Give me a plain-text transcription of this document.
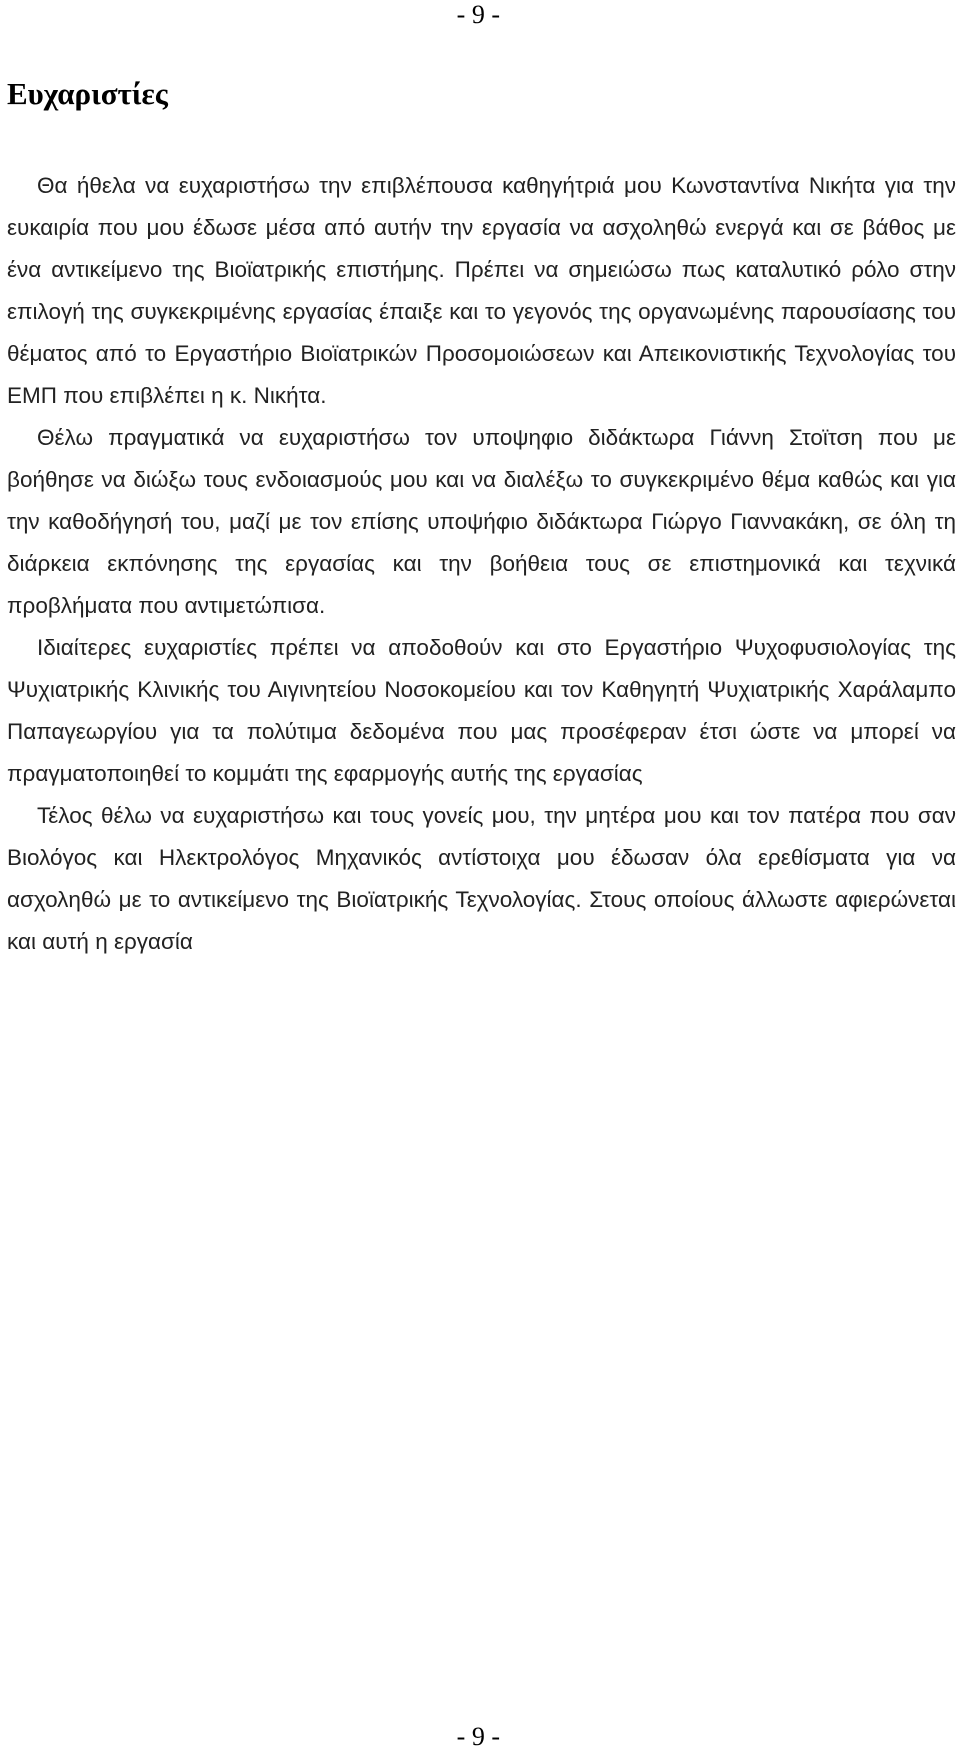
- 9 -
Ευχαριστίες

Θα ήθελα να ευχαριστήσω την επιβλέπουσα καθηγήτριά μου Κωνσταντίνα Νικήτα για την ευκαιρία που μου έδωσε μέσα από αυτήν την εργασία να ασχοληθώ ενεργά και σε βάθος με ένα αντικείμενο της Βιοϊατρικής επιστήμης. Πρέπει να σημειώσω πως καταλυτικό ρόλο στην επιλογή της συγκεκριμένης εργασίας έπαιξε και το γεγονός της οργανωμένης παρουσίασης του θέματος από το Εργαστήριο Βιοϊατρικών Προσομοιώσεων και Απεικονιστικής Τεχνολογίας του ΕΜΠ που επιβλέπει η κ. Νικήτα.

Θέλω πραγματικά να ευχαριστήσω τον υποψηφιο διδάκτωρα Γιάννη Στοϊτση που με βοήθησε να διώξω τους ενδοιασμούς μου και να διαλέξω το συγκεκριμένο θέμα καθώς και για την καθοδήγησή του, μαζί με τον επίσης υποψήφιο διδάκτωρα Γιώργο Γιαννακάκη, σε όλη τη διάρκεια εκπόνησης της εργασίας και την βοήθεια τους σε επιστημονικά και τεχνικά προβλήματα που αντιμετώπισα.

Ιδιαίτερες ευχαριστίες πρέπει να αποδοθούν και στο Εργαστήριο Ψυχοφυσιολογίας της Ψυχιατρικής Κλινικής του Αιγινητείου Νοσοκομείου και τον Καθηγητή Ψυχιατρικής Χαράλαμπο Παπαγεωργίου για τα πολύτιμα δεδομένα που μας προσέφεραν έτσι ώστε να μπορεί να πραγματοποιηθεί το κομμάτι της εφαρμογής αυτής της εργασίας

Τέλος θέλω να ευχαριστήσω και τους γονείς μου, την μητέρα μου και τον πατέρα που σαν Βιολόγος και Ηλεκτρολόγος Μηχανικός αντίστοιχα μου έδωσαν όλα ερεθίσματα για να ασχοληθώ με το αντικείμενο της Βιοϊατρικής Τεχνολογίας. Στους οποίους άλλωστε αφιερώνεται και αυτή η εργασία

- 9 -
